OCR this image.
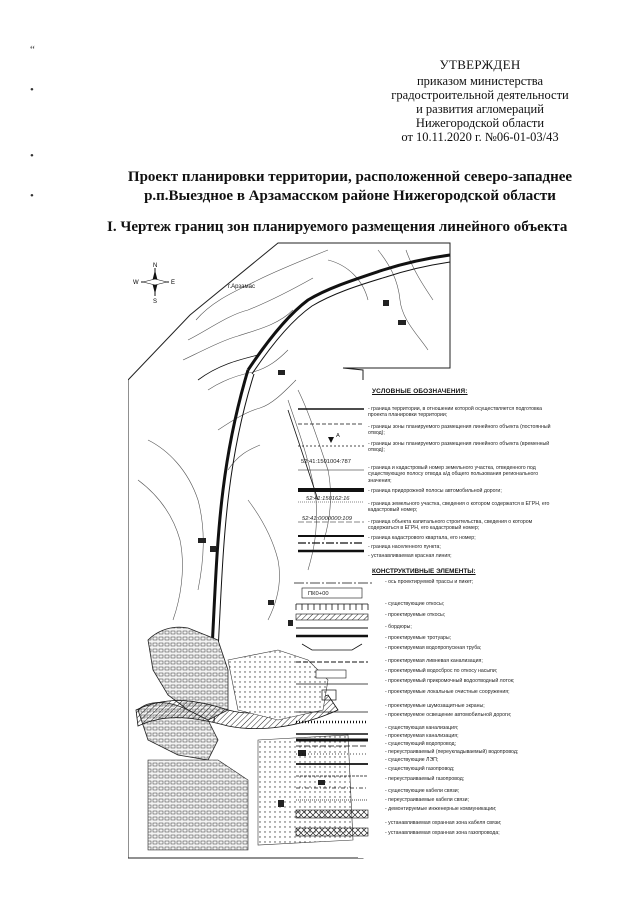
“
•
•
•
УТВЕРЖДЕН
приказом министерства
градостроительной деятельности
и развития агломераций
Нижегородской области
от 10.11.2020 г. №06-01-03/43
Проект планировки территории, расположенной северо-западнее
р.п.Выездное в Арзамасском районе Нижегородской области
I. Чертеж границ зон планируемого размещения линейного объекта
г.Арзамас
N
S
W	E
УСЛОВНЫЕ ОБОЗНАЧЕНИЯ:
А
52:41:1501004:787
52:41:150162:16
52:41:0000000:109
- граница территории, в отношении которой осуществляется подготовка проекта планировки территории;
- границы зоны планируемого размещения линейного объекта (постоянный отвод);
- границы зоны планируемого размещения линейного объекта (временный отвод);
- граница и кадастровый номер земельного участка, отведенного под существующую полосу отвода а/д общего пользования регионального значения;
- граница придорожной полосы автомобильной дороги;
- граница земельного участка, сведения о котором содержатся в ЕГРН, его кадастровый номер;
- граница объекта капитального строительства, сведения о котором содержаться в ЕГРН, его кадастровый номер;
- граница кадастрового квартала, его номер;
- граница населенного пункта;
- устанавливаемая красная линия;
КОНСТРУКТИВНЫЕ ЭЛЕМЕНТЫ:
ПК0+00
- ось проектируемой трассы и пикет;
- существующие откосы;
- проектируемые откосы;
- бордюры;
- проектируемые тротуары;
- проектируемая водопропускная труба;
- проектируемая ливневая канализация;
- проектируемый водосброс по откосу насыпи;
- проектируемый прикромочный водоотводный лоток;
- проектируемые локальные очистные сооружения;
- проектируемые шумозащитные экраны;
- проектируемое освещение автомобильной дороги;
- существующая канализация;
- проектируемая канализация;
- существующий водопровод;
- переустраиваемый (переукладываемый) водопровод;
- существующие ЛЭП;
- существующий газопровод;
- переустраиваемый газопровод;
- существующие кабели связи;
- переустраиваемые кабели связи;
- демонтируемые инженерные коммуникации;
- устанавливаемая охранная зона кабеля связи;
- устанавливаемая охранная зона газопровода;
